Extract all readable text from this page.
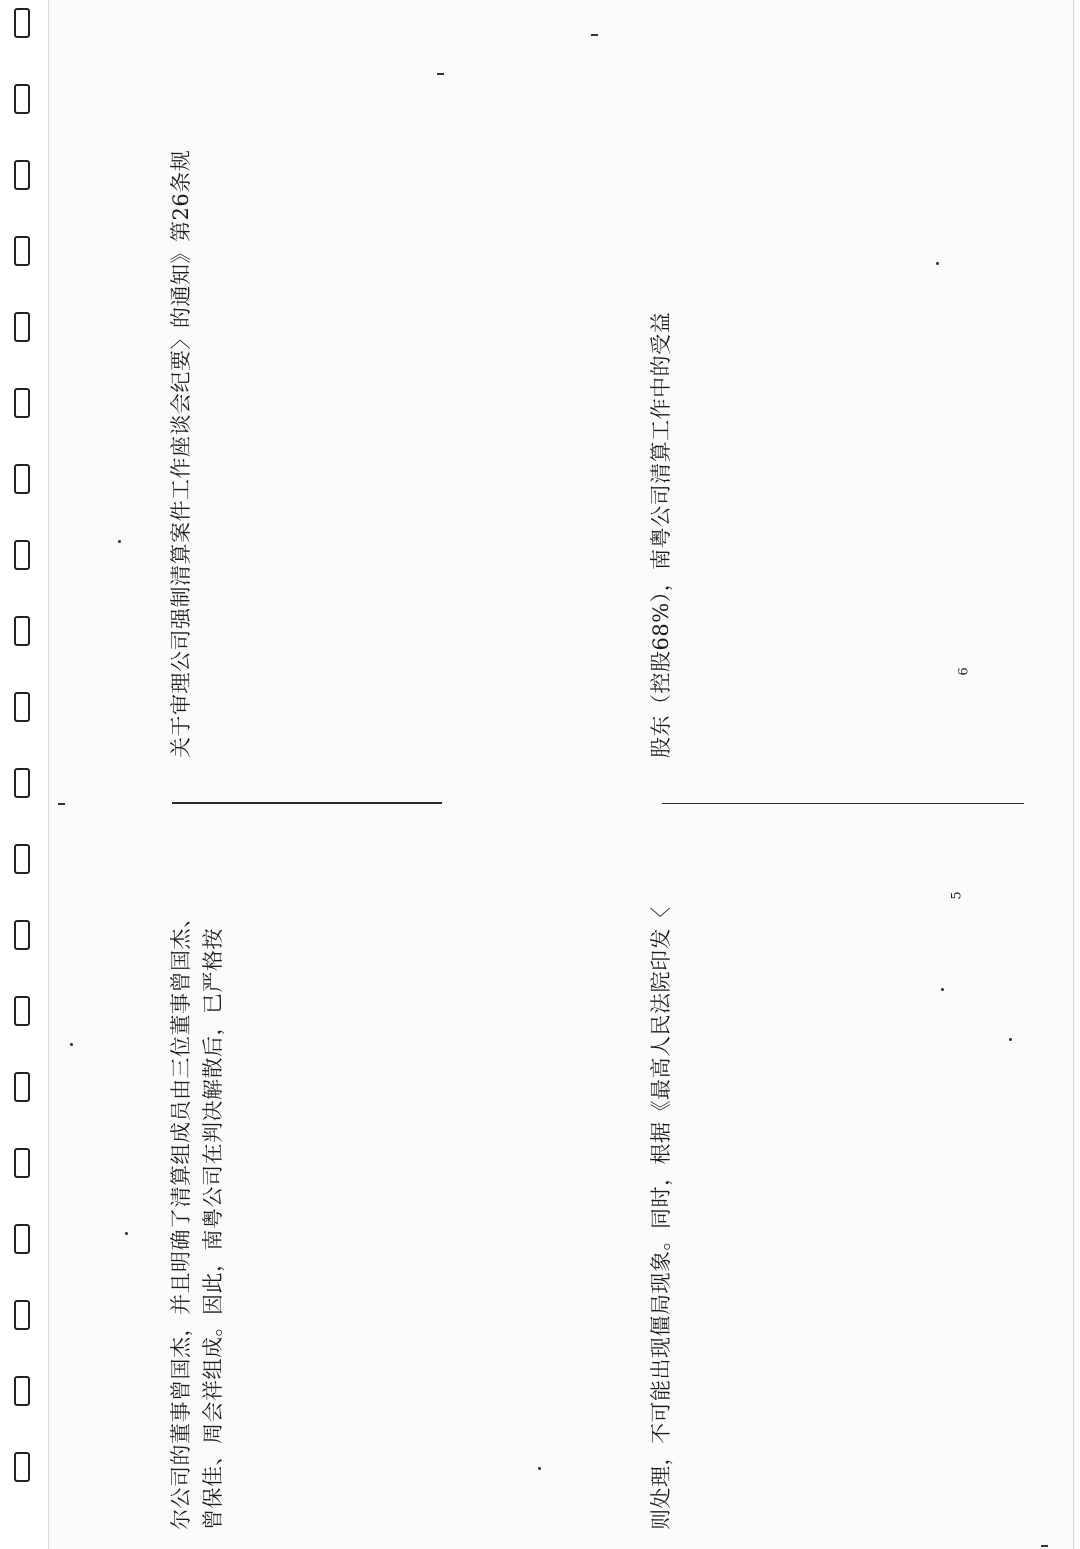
尔公司的董事曾国杰，并且明确了清算组成员由三位董事曾国杰、 曾保佳、周会祥组成。因此，南粤公司在判决解散后，已严格按	则处理，不可能出现僵局现象。同时，根据《最高人民法院印发〈
5
关于审理公司强制清算案件工作座谈会纪要〉的通知》第26条规	股东（控股68%），南粤公司清算工作中的受益	6
